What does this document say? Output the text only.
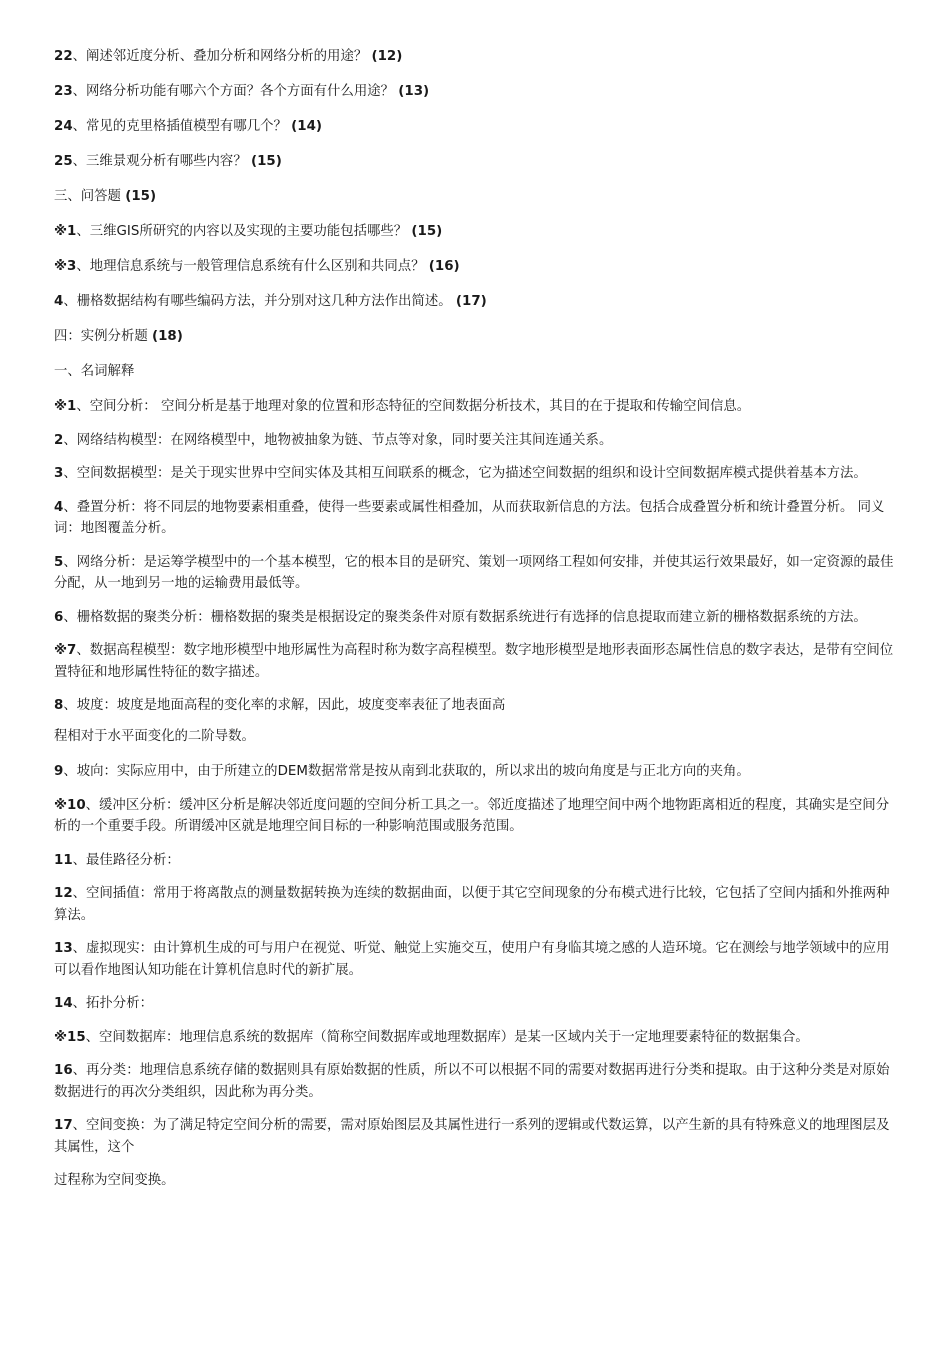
22、阐述邻近度分析、叠加分析和网络分析的用途？ (12)
23、网络分析功能有哪六个方面？各个方面有什么用途？ (13)
24、常见的克里格插值模型有哪几个？ (14)
25、三维景观分析有哪些内容？ (15)
三、问答题 (15)
※1、三维GIS所研究的内容以及实现的主要功能包括哪些？ (15)
※3、地理信息系统与一般管理信息系统有什么区别和共同点？ (16)
4、栅格数据结构有哪些编码方法，并分别对这几种方法作出简述。 (17)
四：实例分析题 (18)
一、名词解释
※1、空间分析： 空间分析是基于地理对象的位置和形态特征的空间数据分析技术，其目的在于提取和传输空间信息。
2、网络结构模型：在网络模型中，地物被抽象为链、节点等对象，同时要关注其间连通关系。
3、空间数据模型：是关于现实世界中空间实体及其相互间联系的概念，它为描述空间数据的组织和设计空间数据库模式提供着基本方法。
4、叠置分析：将不同层的地物要素相重叠，使得一些要素或属性相叠加，从而获取新信息的方法。包括合成叠置分析和统计叠置分析。 同义词：地图覆盖分析。
5、网络分析：是运筹学模型中的一个基本模型，它的根本目的是研究、策划一项网络工程如何安排，并使其运行效果最好，如一定资源的最佳分配，从一地到另一地的运输费用最低等。
6、栅格数据的聚类分析：栅格数据的聚类是根据设定的聚类条件对原有数据系统进行有选择的信息提取而建立新的栅格数据系统的方法。
※7、数据高程模型：数字地形模型中地形属性为高程时称为数字高程模型。数字地形模型是地形表面形态属性信息的数字表达，是带有空间位置特征和地形属性特征的数字描述。
8、坡度：坡度是地面高程的变化率的求解，因此，坡度变率表征了地表面高
程相对于水平面变化的二阶导数。
9、坡向：实际应用中，由于所建立的DEM数据常常是按从南到北获取的，所以求出的坡向角度是与正北方向的夹角。
※10、缓冲区分析：缓冲区分析是解决邻近度问题的空间分析工具之一。邻近度描述了地理空间中两个地物距离相近的程度，其确实是空间分析的一个重要手段。所谓缓冲区就是地理空间目标的一种影响范围或服务范围。
11、最佳路径分析：
12、空间插值：常用于将离散点的测量数据转换为连续的数据曲面，以便于其它空间现象的分布模式进行比较，它包括了空间内插和外推两种算法。
13、虚拟现实：由计算机生成的可与用户在视觉、听觉、触觉上实施交互，使用户有身临其境之感的人造环境。它在测绘与地学领域中的应用可以看作地图认知功能在计算机信息时代的新扩展。
14、拓扑分析：
※15、空间数据库：地理信息系统的数据库（简称空间数据库或地理数据库）是某一区域内关于一定地理要素特征的数据集合。
16、再分类：地理信息系统存储的数据则具有原始数据的性质，所以不可以根据不同的需要对数据再进行分类和提取。由于这种分类是对原始数据进行的再次分类组织，因此称为再分类。
17、空间变换：为了满足特定空间分析的需要，需对原始图层及其属性进行一系列的逻辑或代数运算，以产生新的具有特殊意义的地理图层及其属性，这个
过程称为空间变换。
